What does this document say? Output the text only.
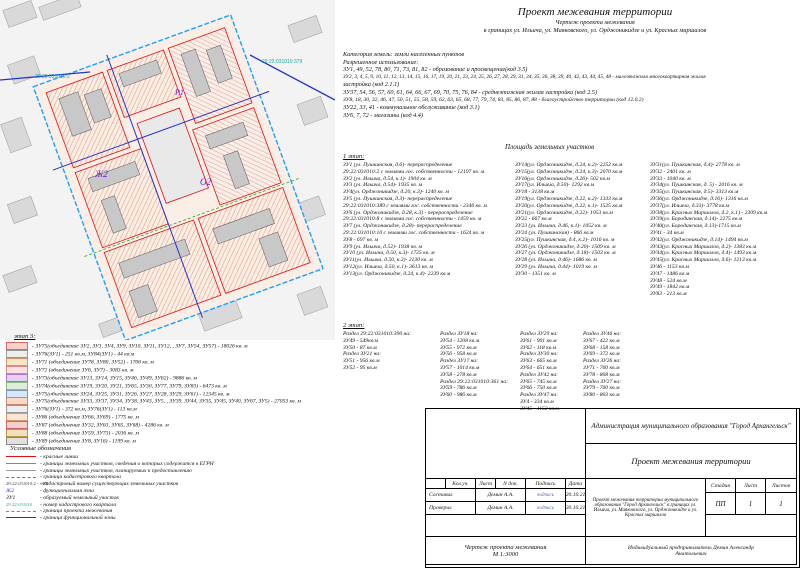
29:22:031010:379
29:22:031010:2
Ж2
О2
Р1
Проект межевания территории
Чертеж проекта межевания
в границах ул. Ильича, ул. Маяковского, ул. Орджоникидзе и ул. Красных маршалов
Категория земель: земли населенных пунктов
Разрешенное использование:
ЗУ1, 49, 52, 78, 80, 71, 73, 81, 82 - образование и просвещение(код 3.5)
ЗУ2, 3, 4, 5, 9, 10, 11, 12, 13, 14, 15, 16, 17, 19, 20, 21, 23, 24, 25, 26, 27, 28, 29, 31, 34, 35, 36, 38, 39, 40, 42, 43, 44, 45, 48 - малоэтажная многоквартирная жилая
застройка (код 2.1.1)
ЗУ37, 54, 56, 57, 60, 61, 64, 66, 67, 69, 70, 75, 76, 84 - среднеэтажная жилая застройка (код 2.5)
ЗУ8, 18, 30, 32, 46, 47, 50, 51, 55, 58, 59, 62, 63, 65, 68, 77, 79, 74, 83, 85, 86, 87, 88 - благоустройство территории (код 12.0.2)
ЗУ22, 33, 41 - коммунальное обслуживание (код 3.1)
ЗУ6, 7, 72 - магазины (код 4.4)
Площадь земельных участков
1 этап:
ЗУ1 (ул. Пушкинская, д.6)- перераспределение
29:22:031010:2 с землями гос. собственности - 12197 кв. м
ЗУ2 (ул. Ильича, д.54, к.1)- 1904 кв. м
ЗУ3 (ул. Ильича, д.54)- 1935 кв. м
ЗУ4(ул. Орджоникидзе, д.20, к.3)- 1240 кв. м
ЗУ5 (ул. Пушкинская, д.3)- перераспределение
29:22:031010:389 с землями гос. собственности - 2346 кв. м
ЗУ6 (ул. Орджоникидзе, д.28, к.3) - перераспределение
29:22:031010:8 с землями гос. собственности - 1459 кв. м
ЗУ7 (ул. Орджоникидзе, д.28)- перераспределение
29:22:031010:10 с землями гос. собственности - 1624 кв. м
ЗУ8 - 697 кв. м
ЗУ9 (ул. Ильича, д.52)- 1938 кв. м
ЗУ10 (ул. Ильича, д.50, к.3)- 1725 кв. м
ЗУ11(ул. Ильича, д.50, к.2)- 2130 кв. м
ЗУ12(ул. Ильича, д.50, к.1)- 3613 кв. м
ЗУ13(ул. Орджоникидзе, д.24, к.4)- 2239 кв.м
ЗУ14(ул. Орджоникидзе, д.24, к.2)- 2252 кв.м
ЗУ15(ул. Орджоникидзе, д.24, к.3)- 2070 кв.м
ЗУ16(ул. Орджоникидзе, д.26)- 502 кв.м
ЗУ17(ул. Ильича, д.50)- 1292 кв.м
ЗУ18 - 3138 кв.м
ЗУ19(ул. Орджоникидзе, д.22, к.2)- 1333 кв.м
ЗУ20(ул. Орджоникидзе, д.22, к.1)- 1525 кв.м
ЗУ21(ул. Орджоникидзе, д.22)- 1053 кв.м
ЗУ22 - 667 кв.м
ЗУ23 (ул. Ильича, д.46, к.1)- 1052 кв. м
ЗУ24 (ул. Пушкинская) - 866 кв.м
ЗУ25(ул. Пушкинская, д.4, к.2)- 1016 кв. м
ЗУ26 (ул. Орджоникидзе, д.20)- 1509 кв. м
ЗУ27 (ул. Орджоникидзе, д.18)- 1503 кв. м
ЗУ28 (ул. Ильича, д.46)- 1686 кв. м
ЗУ29 (ул. Ильича, д.44)- 1019 кв. м
ЗУ30 - 1351 кв. м
ЗУ31(ул. Пушкинская, д.4)- 2778 кв. м
ЗУ32 - 2401 кв. м
ЗУ33 - 1040 кв. м
ЗУ34(ул. Пушкинская, д. 5) - 2016 кв. м
ЗУ35(ул. Пушкинская, д.5)- 3313 кв.м
ЗУ36(ул. Орджоникидзе, д.16)- 1316 кв.м
ЗУ37(ул. Ильича, д.33)- 3778 кв.м
ЗУ38(ул. Красных Маршалов, д.2, к.1) - 2309 кв.м
ЗУ39(ул. Бородинская, д.14)- 2275 кв.м
ЗУ40(ул. Бородинская, д.13)-1715 кв.м
ЗУ41 - 34 кв.м
ЗУ42(ул. Орджоникидзе, д.14)- 1494 кв.м
ЗУ43(ул. Красных Маршалов, д.2)- 1383 кв.м
ЗУ44(ул. Красных Маршалов, д.4)- 1493 кв.м
ЗУ45(ул. Красных Маршалов, д.6)- 1213 кв.м
ЗУ46 - 1153 кв.м
ЗУ47 - 1486 кв.м
ЗУ48 - 524 кв.м
ЗУ49 - 1842 кв.м
ЗУ83 - 213 кв.м
2 этап:
Раздел 29:22:031010:390 на:
ЗУ49 - 549кв.м
ЗУ50 - 87 кв.м
Раздел ЗУ21 на:
ЗУ51 - 956 кв.м
ЗУ52 - 95 кв.м
Раздел ЗУ18 на:
ЗУ54 - 1208 кв.м
ЗУ55 - 972 кв.м
ЗУ56 - 958 кв.м
Раздел ЗУ17 на:
ЗУ57 - 1014 кв.м
ЗУ58 - 278 кв.м
Раздел 29:22:031010:361 на:
ЗУ59 - 786 кв.м
ЗУ60 - 986 кв.м
Раздел ЗУ29 на:
ЗУ61 - 901 кв.м
ЗУ62 - 118 кв.м
Раздел ЗУ30 на:
ЗУ63 - 665 кв.м
ЗУ64 - 651 кв.м
Раздел ЗУ42 на:
ЗУ65 - 745 кв.м
ЗУ66 - 750 кв.м
Раздел ЗУ47 на:
ЗУ4 - 334 кв.м
ЗУ45 - 1152 кв.м
Раздел ЗУ46 на:
ЗУ67 - 422 кв.м
ЗУ68 - 158 кв.м
ЗУ69 - 372 кв.м
Раздел ЗУ26 на:
ЗУ71 - 700 кв.м
ЗУ78 - 808 кв.м
Раздел ЗУ27 на:
ЗУ79 - 700 кв.м
ЗУ80 - 803 кв.м
этап 3:
- ЗУ75(объединение ЗУ2, ЗУ3, ЗУ4, ЗУ9, ЗУ10, ЗУ11, ЗУ12, , ЗУ7, ЗУ54, ЗУ57) - 18026 кв. м
- ЗУ76(ЗУ1) - 251 кв.м, ЗУ84(ЗУ1) - 44 кв.м
- ЗУ71 (объединение ЗУ78, ЗУ80, ЗУ52) - 1706 кв. м
- ЗУ72 (объединение ЗУ6, ЗУ7) - 3083 кв. м
- ЗУ73(объединение ЗУ13, ЗУ14, ЗУ15, ЗУ46, ЗУ49, ЗУ62) - 9886 кв. м
- ЗУ74(объединение ЗУ19, ЗУ20, ЗУ21, ЗУ65, ЗУ30, ЗУ77, ЗУ79, ЗУ83) - 6473 кв. м
- ЗУ75(объединение ЗУ24, ЗУ25, ЗУ31, ЗУ26, ЗУ27, ЗУ28, ЗУ29, ЗУ61) - 12345 кв. м
- ЗУ75(объединение ЗУ33, ЗУ37, ЗУ34, ЗУ38, ЗУ43, ЗУ5, , ЗУ39, ЗУ44, ЗУ35, ЗУ45, ЗУ40, ЗУ67, ЗУ5) - 27053 кв. м
- ЗУ76(ЗУ1) - 372 кв.м, ЗУ76(ЗУ1) - 113 кв.м
- ЗУ86 (объединение ЗУ66, ЗУ69) - 1775 кв. м
- ЗУ87 (объединение ЗУ32, ЗУ63, ЗУ65, ЗУ68) - 4286 кв. м
- ЗУ88 (объединение ЗУ59, ЗУ73) - 2036 кв. м
- ЗУ89 (объединение ЗУ8, ЗУ16) - 1199 кв. м
Условные обозначения
- красные линии
- границы земельных участков, сведения о которых содержатся в ЕГРН
- границы земельных участков, планируемых к предоставлению
- граница кадастрового квартала
29:22:031010:2 - :379- кадастровый номер существующих земельных участков
Ж2	- функциональная зона
ЗУ1	- образуемый земельный участок
29:22:031010 - номер кадастрового квартала
- граница проекта межевания
- граница функциональной зоны
Администрация муниципального образования "Город Архангельск"
Проект межевания территории
Кол.уч.	Лист	N док.	Подпись	Дата
Составил	Демин А.А.	подпись 20.10.21
Проверил	Демин А.А.	подпись 20.10.21
Чертеж проекта межевания
М 1:3000
Проект межевания территории муниципального образования "Город Архангельск" в границах ул. Ильича, ул. Маяковского, ул. Орджоникидзе и ул. Красных маршалов
Стадия	Лист	Листов
ПП	1	1
Индивидуальный предприниматель Демин Александр Анатольевич
